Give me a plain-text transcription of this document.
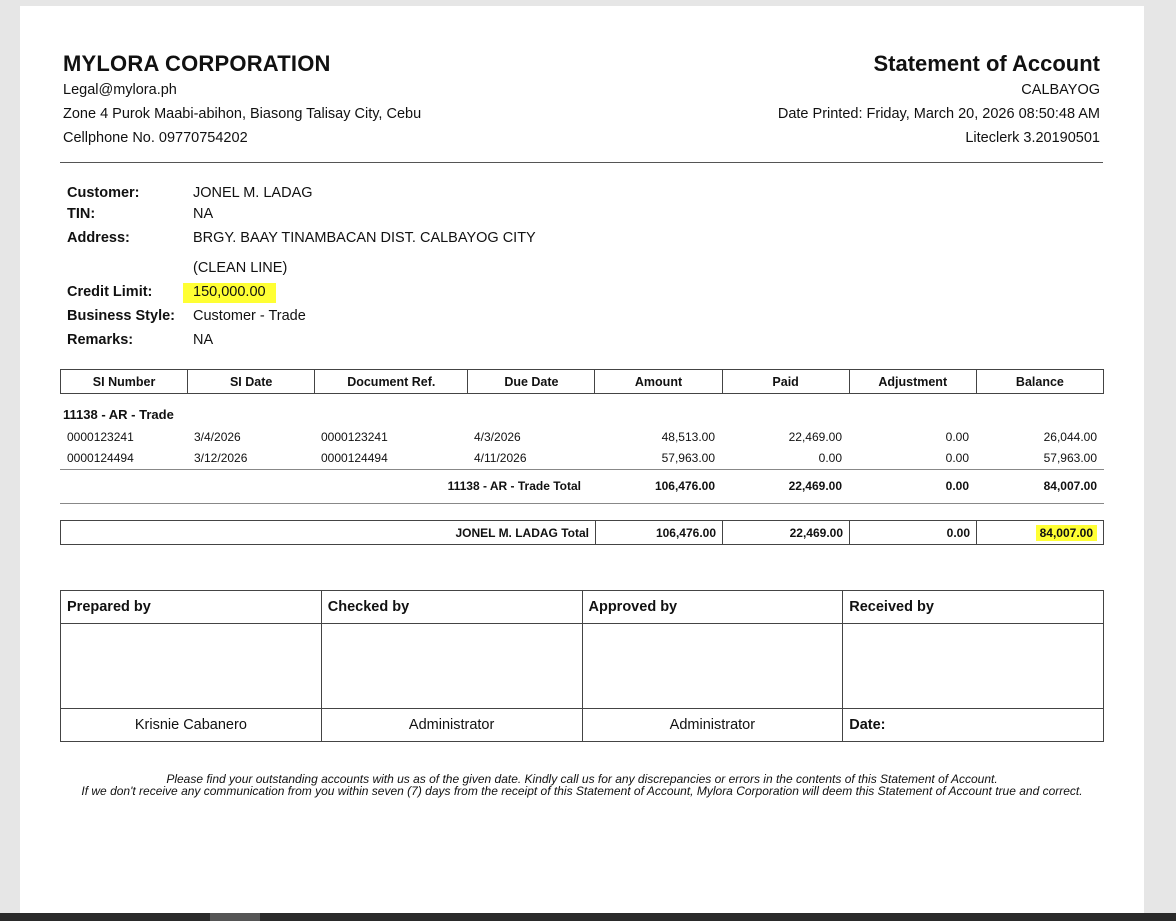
MYLORA CORPORATION
Legal@mylora.ph
Zone 4 Purok Maabi-abihon, Biasong Talisay City, Cebu
Cellphone No. 09770754202
Statement of Account
CALBAYOG
Date Printed: Friday, March 20, 2026 08:50:48 AM
Liteclerk 3.20190501
Customer:	JONEL M. LADAG
TIN:	NA
Address:	BRGY. BAAY TINAMBACAN DIST. CALBAYOG CITY
(CLEAN LINE)
Credit Limit:	150,000.00
Business Style: Customer - Trade
Remarks:	NA
SI Number	SI Date	Document Ref.	Due Date	Amount	Paid	Adjustment	Balance
11138 - AR - Trade
0000123241	3/4/2026	0000123241	4/3/2026	48,513.00	22,469.00	0.00	26,044.00
0000124494	3/12/2026	0000124494	4/11/2026	57,963.00	0.00	0.00	57,963.00
11138 - AR - Trade Total	106,476.00	22,469.00	0.00	84,007.00
JONEL M. LADAG Total	106,476.00	22,469.00	0.00	84,007.00
Prepared by	Checked by	Approved by	Received by

Krisnie Cabanero	Administrator	Administrator	Date:
Please find your outstanding accounts with us as of the given date. Kindly call us for any discrepancies or errors in the contents of this Statement of Account.
If we don't receive any communication from you within seven (7) days from the receipt of this Statement of Account, Mylora Corporation will deem this Statement of Account true and correct.
